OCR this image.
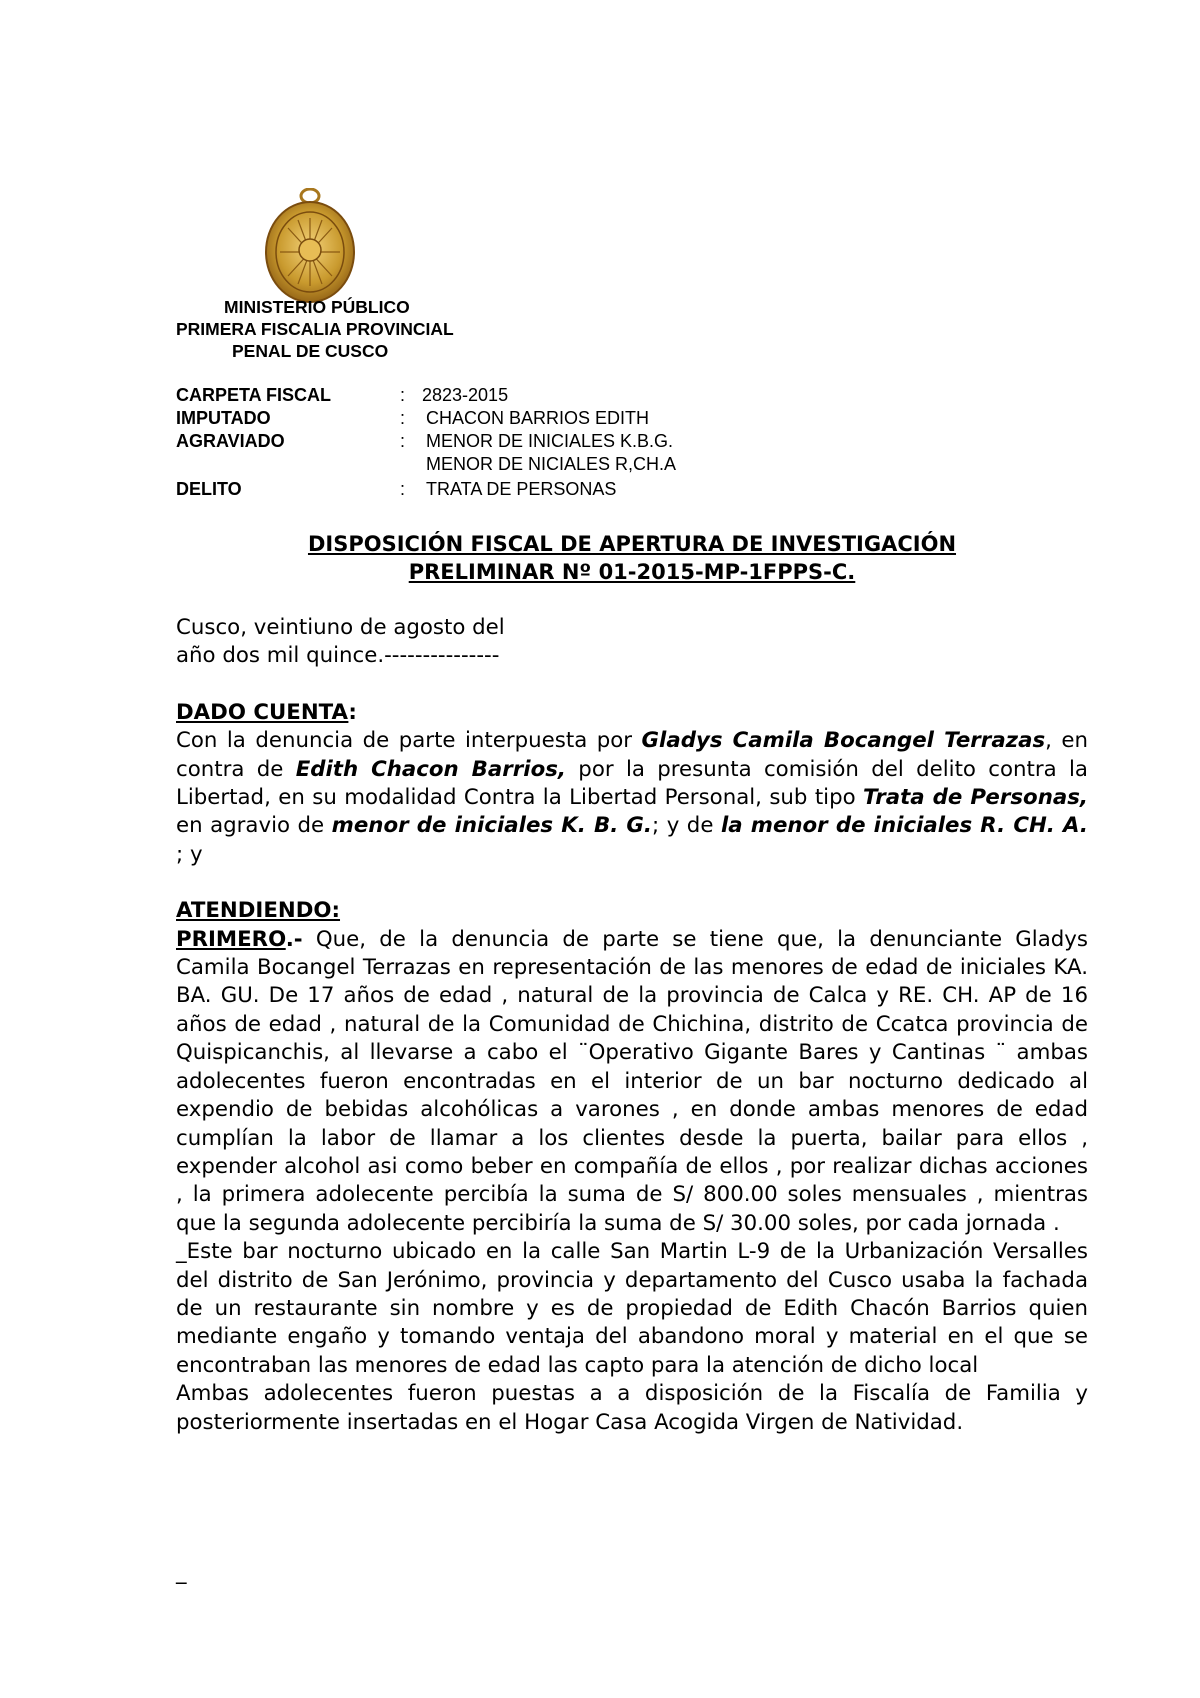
MINISTERIO PÚBLICO
PRIMERA FISCALIA PROVINCIAL
PENAL DE CUSCO
CARPETA FISCAL	: 2823-2015
IMPUTADO	:	CHACON BARRIOS EDITH
AGRAVIADO	:	MENOR DE INICIALES K.B.G.
MENOR DE NICIALES R,CH.A
DELITO	:	TRATA DE PERSONAS
DISPOSICIÓN FISCAL DE APERTURA DE INVESTIGACIÓN
PRELIMINAR Nº 01-2015-MP-1FPPS-C.

Cusco, veintiuno de agosto del

año dos mil quince.---------------

DADO CUENTA:

Con la denuncia de parte interpuesta por Gladys Camila Bocangel Terrazas, en contra de Edith Chacon Barrios, por la presunta comisión del delito contra la Libertad, en su modalidad Contra la Libertad Personal, sub tipo Trata de Personas, en agravio de menor de iniciales K. B. G.; y de la menor de iniciales R. CH. A. ; y

ATENDIENDO:

PRIMERO.- Que, de la denuncia de parte se tiene que, la denunciante Gladys Camila Bocangel Terrazas en representación de las menores de edad de iniciales KA. BA. GU. De 17 años de edad , natural de la provincia de Calca y RE. CH. AP de 16 años de edad , natural de la Comunidad de Chichina, distrito de Ccatca provincia de Quispicanchis, al llevarse a cabo el ¨Operativo Gigante Bares y Cantinas ¨ ambas adolecentes fueron encontradas en el interior de un bar nocturno dedicado al expendio de bebidas alcohólicas a varones , en donde ambas menores de edad cumplían la labor de llamar a los clientes desde la puerta, bailar para ellos , expender alcohol asi como beber en compañía de ellos , por realizar dichas acciones , la primera adolecente percibía la suma de S/ 800.00 soles mensuales , mientras que la segunda adolecente percibiría la suma de S/ 30.00 soles, por cada jornada .

_Este bar nocturno ubicado en la calle San Martin L-9 de la Urbanización Versalles del distrito de San Jerónimo, provincia y departamento del Cusco usaba la fachada de un restaurante sin nombre y es de propiedad de Edith Chacón Barrios quien mediante engaño y tomando ventaja del abandono moral y material en el que se encontraban las menores de edad las capto para la atención de dicho local

Ambas adolecentes fueron puestas a a disposición de la Fiscalía de Familia y posteriormente insertadas en el Hogar Casa Acogida Virgen de Natividad.

_
